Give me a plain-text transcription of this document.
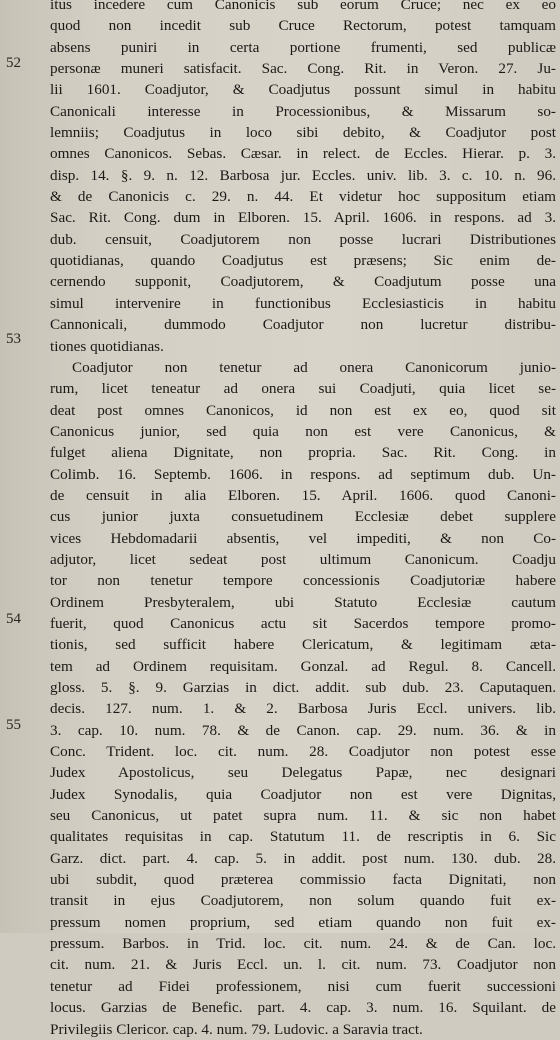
52
53
54
55

itus incedere cum Canonicis sub eorum Cruce; nec ex eo
quod non incedit sub Cruce Rectorum, potest tamquam
absens puniri in certa portione frumenti, sed publicæ
personæ muneri satisfacit. Sac. Cong. Rit. in Veron. 27. Ju-
lii 1601. Coadjutor, & Coadjutus possunt simul in habitu
Canonicali interesse in Processionibus, & Missarum so-
lemniis; Coadjutus in loco sibi debito, & Coadjutor post
omnes Canonicos. Sebas. Cæsar. in relect. de Eccles. Hierar. p. 3.
disp. 14. §. 9. n. 12. Barbosa jur. Eccles. univ. lib. 3. c. 10. n. 96.
& de Canonicis c. 29. n. 44. Et videtur hoc suppositum etiam
Sac. Rit. Cong. dum in Elboren. 15. April. 1606. in respons. ad 3.
dub. censuit, Coadjutorem non posse lucrari Distributiones
quotidianas, quando Coadjutus est præsens; Sic enim de-
cernendo supponit, Coadjutorem, & Coadjutum posse una
simul intervenire in functionibus Ecclesiasticis in habitu
Cannonicali, dummodo Coadjutor non lucretur distribu-
tiones quotidianas.

Coadjutor non tenetur ad onera Canonicorum junio-
rum, licet teneatur ad onera sui Coadjuti, quia licet se-
deat post omnes Canonicos, id non est ex eo, quod sit
Canonicus junior, sed quia non est vere Canonicus, &
fulget aliena Dignitate, non propria. Sac. Rit. Cong. in
Colimb. 16. Septemb. 1606. in respons. ad septimum dub. Un-
de censuit in alia Elboren. 15. April. 1606. quod Canoni-
cus junior juxta consuetudinem Ecclesiæ debet supplere
vices Hebdomadarii absentis, vel impediti, & non Co-
adjutor, licet sedeat post ultimum Canonicum. Coadju
tor non tenetur tempore concessionis Coadjutoriæ habere
Ordinem Presbyteralem, ubi Statuto Ecclesiæ cautum
fuerit, quod Canonicus actu sit Sacerdos tempore promo-
tionis, sed sufficit habere Clericatum, & legitimam æta-
tem ad Ordinem requisitam. Gonzal. ad Regul. 8. Cancell.
gloss. 5. §. 9. Garzias in dict. addit. sub dub. 23. Caputaquen.
decis. 127. num. 1. & 2. Barbosa Juris Eccl. univers. lib.
3. cap. 10. num. 78. & de Canon. cap. 29. num. 36. & in
Conc. Trident. loc. cit. num. 28. Coadjutor non potest esse
Judex Apostolicus, seu Delegatus Papæ, nec designari
Judex Synodalis, quia Coadjutor non est vere Dignitas,
seu Canonicus, ut patet supra num. 11. & sic non habet
qualitates requisitas in cap. Statutum 11. de rescriptis in 6. Sic
Garz. dict. part. 4. cap. 5. in addit. post num. 130. dub. 28.
ubi subdit, quod præterea commissio facta Dignitati, non
transit in ejus Coadjutorem, non solum quando fuit ex-
pressum nomen proprium, sed etiam quando non fuit ex-
pressum. Barbos. in Trid. loc. cit. num. 24. & de Can. loc.
cit. num. 21. & Juris Eccl. un. l. cit. num. 73. Coadjutor non
tenetur ad Fidei professionem, nisi cum fuerit successioni
locus. Garzias de Benefic. part. 4. cap. 3. num. 16. Squilant. de
Privilegiis Clericor. cap. 4. num. 79. Ludovic. a Saravia tract.
